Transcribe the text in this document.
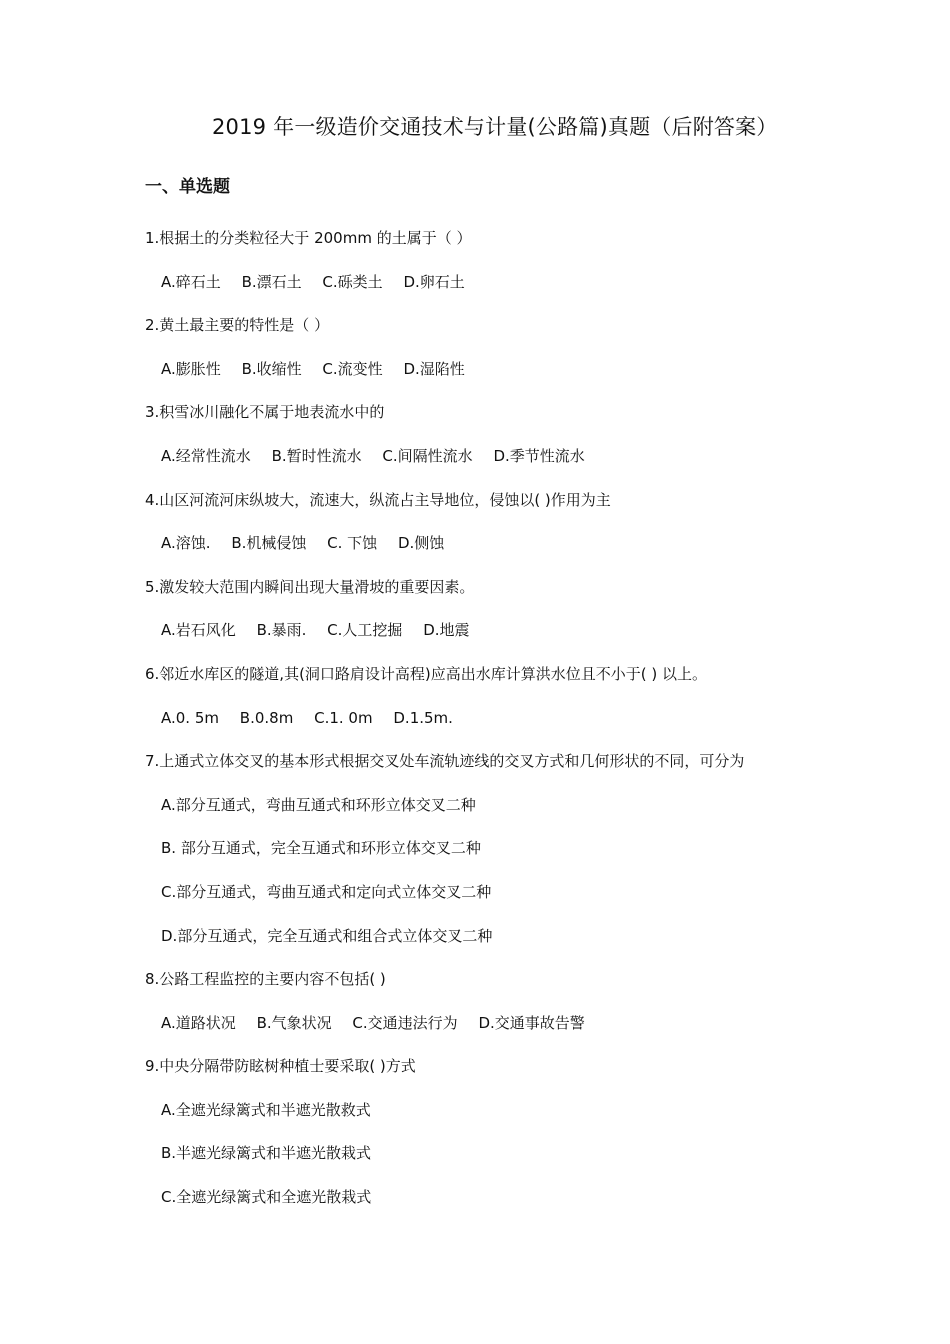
2019 年一级造价交通技术与计量(公路篇)真题（后附答案）
一、单选题
1.根据土的分类粒径大于 200mm 的土属于（ ）
A.碎石土 B.漂石土 C.砾类土 D.卵石土
2.黄土最主要的特性是（ ）
A.膨胀性 B.收缩性 C.流变性 D.湿陷性
3.积雪冰川融化不属于地表流水中的
A.经常性流水 B.暂时性流水 C.间隔性流水 D.季节性流水
4.山区河流河床纵坡大，流速大，纵流占主导地位，侵蚀以( )作用为主
A.溶蚀. B.机械侵蚀 C. 下蚀 D.侧蚀
5.激发较大范围内瞬间出现大量滑坡的重要因素。
A.岩石风化 B.暴雨. C.人工挖掘 D.地震
6.邻近水库区的隧道,其(洞口路肩设计高程)应高出水库计算洪水位且不小于( ) 以上。
A.0. 5m B.0.8m C.1. 0m D.1.5m.
7.上通式立体交叉的基本形式根据交叉处车流轨迹线的交叉方式和几何形状的不同，可分为
A.部分互通式，弯曲互通式和环形立体交叉二种
B. 部分互通式，完全互通式和环形立体交叉二种
C.部分互通式，弯曲互通式和定向式立体交叉二种
D.部分互通式，完全互通式和组合式立体交叉二种
8.公路工程监控的主要内容不包括( )
A.道路状况 B.气象状况 C.交通违法行为 D.交通事故告警
9.中央分隔带防眩树种植士要采取( )方式
A.全遮光绿篱式和半遮光散救式
B.半遮光绿篱式和半遮光散栽式
C.全遮光绿篱式和全遮光散栽式
